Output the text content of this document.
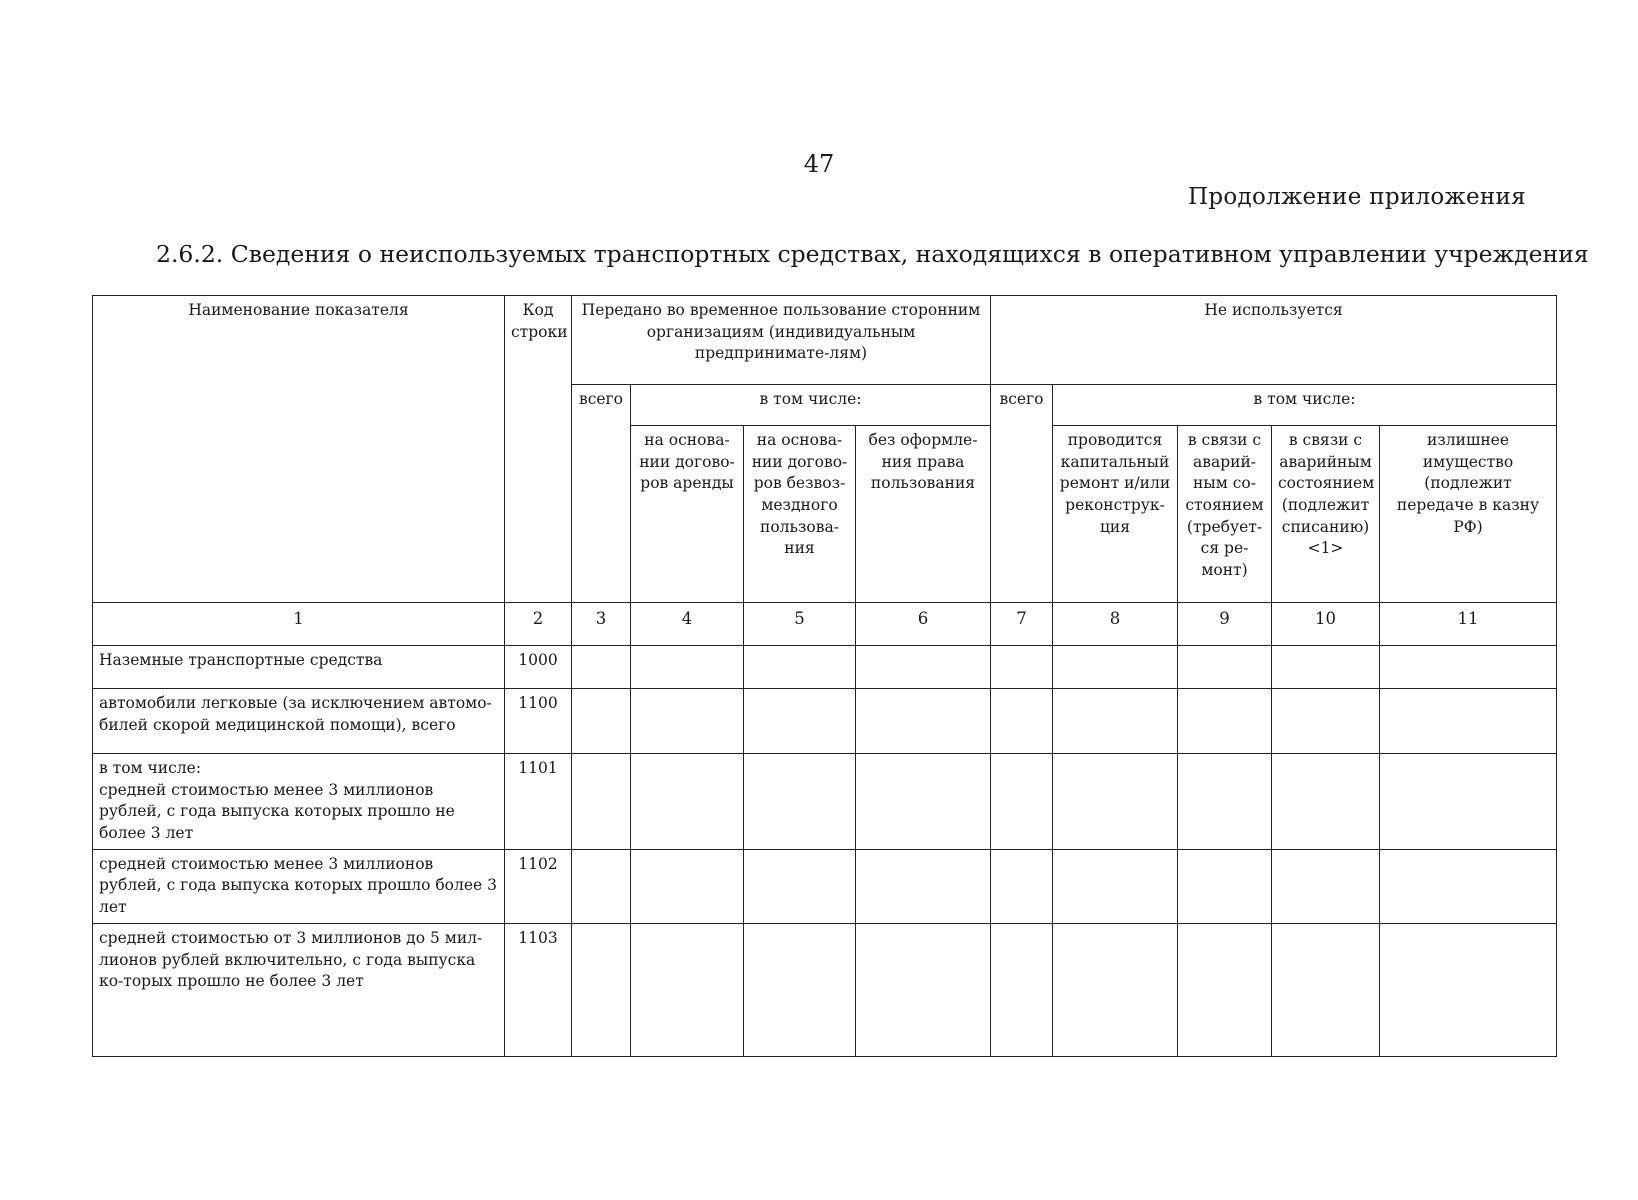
47
Продолжение приложения
2.6.2. Сведения о неиспользуемых транспортных средствах, находящихся в оперативном управлении учреждения
Наименование показателя	Код строки	Передано во временное пользование сторонним организациям (индивидуальным предпринимате-лям)				Не используется				
		всего	в том числе:			всего	в том числе:			
			на основа-нии догово-ров аренды	на основа-нии догово-ров безвоз-мездного пользова-ния	без оформле-ния права пользования		проводится капитальный ремонт и/или реконструк-ция	в связи с аварий-ным со-стоянием (требует-ся ре-монт)	в связи с аварийным состоянием (подлежит списанию) <1>	излишнее имущество (подлежит передаче в казну РФ)
1	2	3	4	5	6	7	8	9	10	11
Наземные транспортные средства	1000									
автомобили легковые (за исключением автомо-билей скорой медицинской помощи), всего	1100									
в том числе:
средней стоимостью менее 3 миллионов рублей, с года выпуска которых прошло не более 3 лет	1101									
средней стоимостью менее 3 миллионов рублей, с года выпуска которых прошло более 3 лет	1102									
средней стоимостью от 3 миллионов до 5 мил-лионов рублей включительно, с года выпуска ко-торых прошло не более 3 лет	1103									
